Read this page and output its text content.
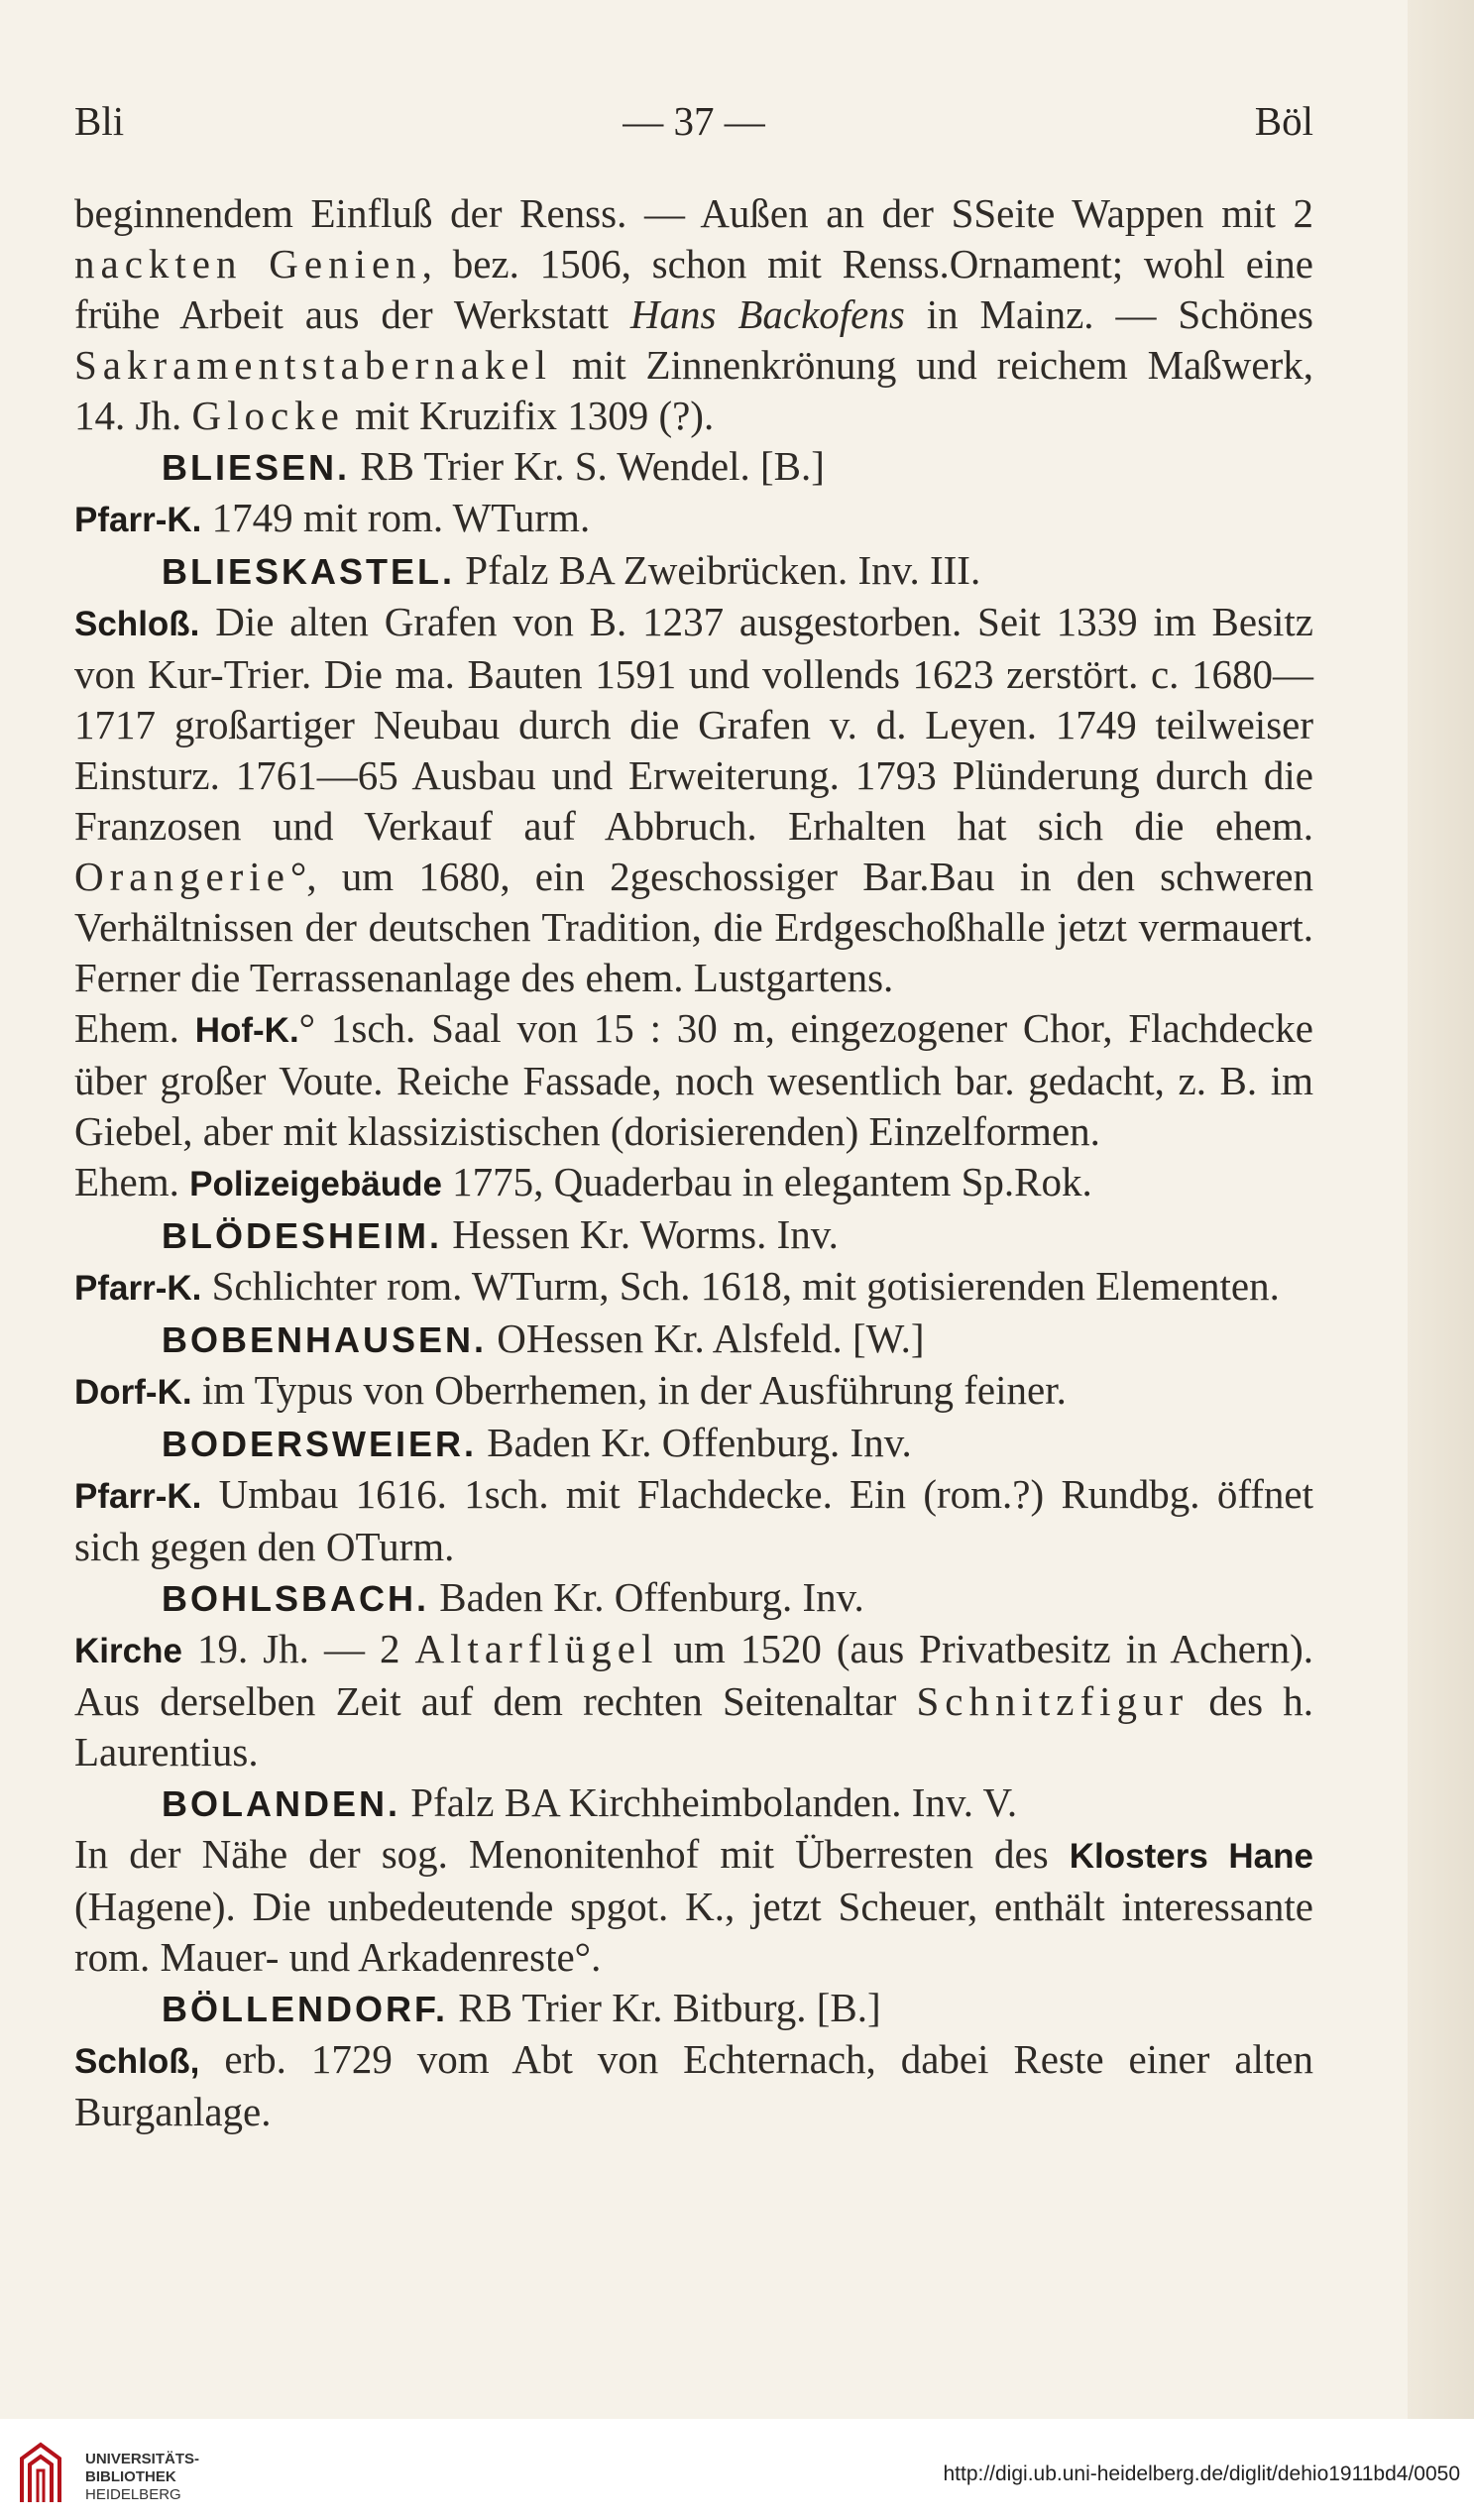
Bli	— 37 —	Böl

beginnendem Einfluß der Renss. — Außen an der SSeite Wappen mit 2 nackten Genien, bez. 1506, schon mit Renss.Ornament; wohl eine frühe Arbeit aus der Werkstatt Hans Backofens in Mainz. — Schönes Sakramentstabernakel mit Zinnenkrönung und reichem Maßwerk, 14. Jh. Glocke mit Kruzifix 1309 (?).

BLIESEN. RB Trier Kr. S. Wendel. [B.]

Pfarr-K. 1749 mit rom. WTurm.

BLIESKASTEL. Pfalz BA Zweibrücken. Inv. III.

Schloß. Die alten Grafen von B. 1237 ausgestorben. Seit 1339 im Besitz von Kur-Trier. Die ma. Bauten 1591 und vollends 1623 zerstört. c. 1680—1717 großartiger Neubau durch die Grafen v. d. Leyen. 1749 teilweiser Einsturz. 1761—65 Ausbau und Erweiterung. 1793 Plünderung durch die Franzosen und Verkauf auf Abbruch. Erhalten hat sich die ehem. Orangerie°, um 1680, ein 2geschossiger Bar.Bau in den schweren Verhältnissen der deutschen Tradition, die Erdgeschoßhalle jetzt vermauert. Ferner die Terrassenanlage des ehem. Lustgartens.

Ehem. Hof-K.° 1sch. Saal von 15 : 30 m, eingezogener Chor, Flachdecke über großer Voute. Reiche Fassade, noch wesentlich bar. gedacht, z. B. im Giebel, aber mit klassizistischen (dorisierenden) Einzelformen.

Ehem. Polizeigebäude 1775, Quaderbau in elegantem Sp.Rok.

BLÖDESHEIM. Hessen Kr. Worms. Inv.

Pfarr-K. Schlichter rom. WTurm, Sch. 1618, mit gotisierenden Elementen.

BOBENHAUSEN. OHessen Kr. Alsfeld. [W.]

Dorf-K. im Typus von Oberrhemen, in der Ausführung feiner.

BODERSWEIER. Baden Kr. Offenburg. Inv.

Pfarr-K. Umbau 1616. 1sch. mit Flachdecke. Ein (rom.?) Rundbg. öffnet sich gegen den OTurm.

BOHLSBACH. Baden Kr. Offenburg. Inv.

Kirche 19. Jh. — 2 Altarflügel um 1520 (aus Privatbesitz in Achern). Aus derselben Zeit auf dem rechten Seitenaltar Schnitzfigur des h. Laurentius.

BOLANDEN. Pfalz BA Kirchheimbolanden. Inv. V.

In der Nähe der sog. Menonitenhof mit Überresten des Klosters Hane (Hagene). Die unbedeutende spgot. K., jetzt Scheuer, enthält interessante rom. Mauer- und Arkadenreste°.

BÖLLENDORF. RB Trier Kr. Bitburg. [B.]

Schloß, erb. 1729 vom Abt von Echternach, dabei Reste einer alten Burganlage.

UNIVERSITÄTS-
BIBLIOTHEK
HEIDELBERG
http://digi.ub.uni-heidelberg.de/diglit/dehio1911bd4/0050
